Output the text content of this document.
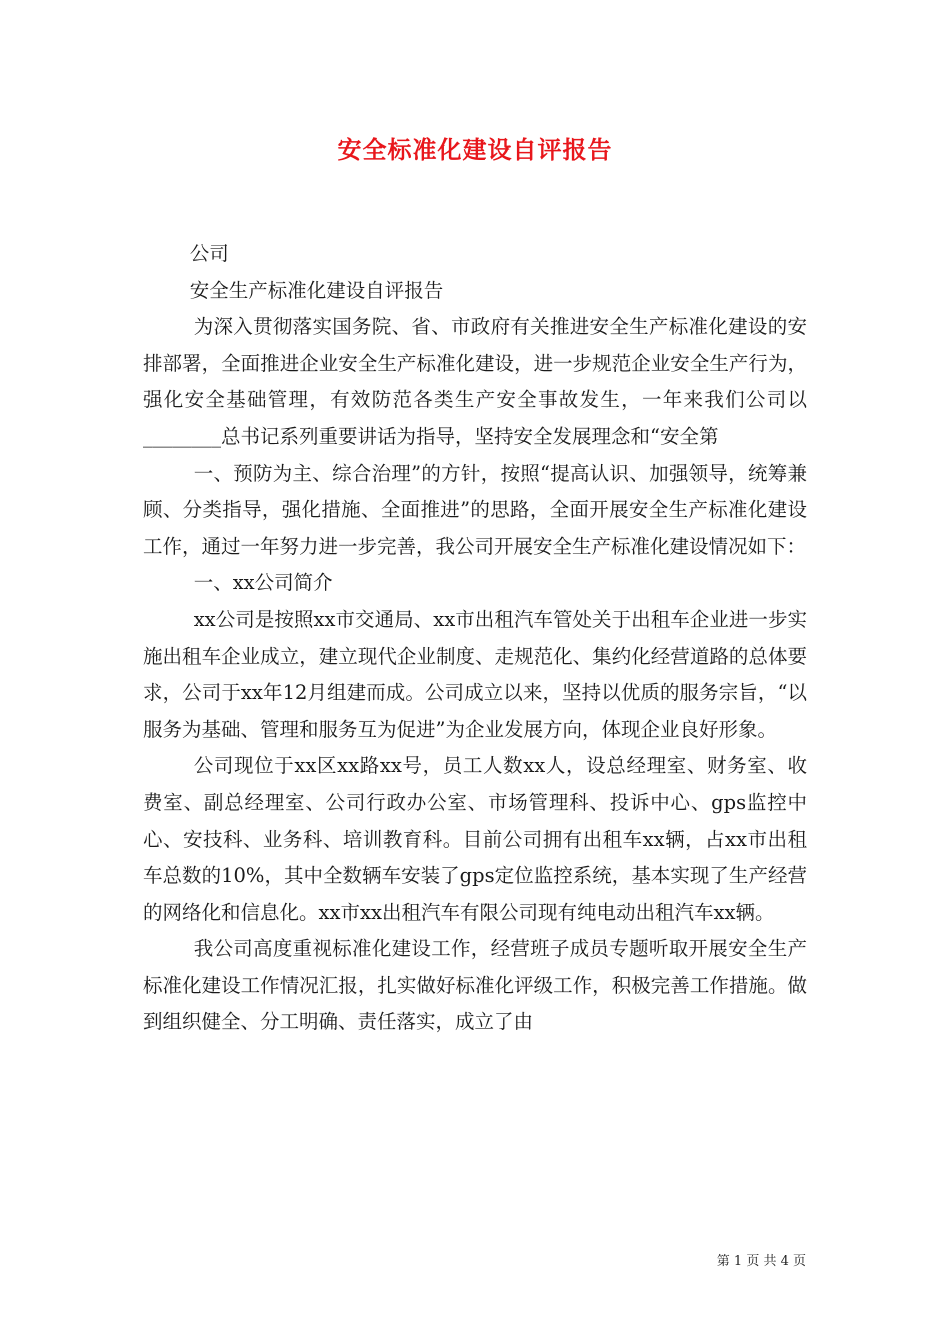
安全标准化建设自评报告

公司

安全生产标准化建设自评报告

为深入贯彻落实国务院、省、市政府有关推进安全生产标准化建设的安排部署，全面推进企业安全生产标准化建设，进一步规范企业安全生产行为，强化安全基础管理，有效防范各类生产安全事故发生，一年来我们公司以________总书记系列重要讲话为指导，坚持安全发展理念和“安全第

一、预防为主、综合治理”的方针，按照“提高认识、加强领导，统筹兼顾、分类指导，强化措施、全面推进”的思路，全面开展安全生产标准化建设工作，通过一年努力进一步完善，我公司开展安全生产标准化建设情况如下：

一、xx公司简介

xx公司是按照xx市交通局、xx市出租汽车管处关于出租车企业进一步实施出租车企业成立，建立现代企业制度、走规范化、集约化经营道路的总体要求，公司于xx年12月组建而成。公司成立以来，坚持以优质的服务宗旨，“以服务为基础、管理和服务互为促进”为企业发展方向，体现企业良好形象。

公司现位于xx区xx路xx号，员工人数xx人，设总经理室、财务室、收费室、副总经理室、公司行政办公室、市场管理科、投诉中心、gps监控中心、安技科、业务科、培训教育科。目前公司拥有出租车xx辆，占xx市出租车总数的10%，其中全数辆车安装了gps定位监控系统，基本实现了生产经营的网络化和信息化。xx市xx出租汽车有限公司现有纯电动出租汽车xx辆。

我公司高度重视标准化建设工作，经营班子成员专题听取开展安全生产标准化建设工作情况汇报，扎实做好标准化评级工作，积极完善工作措施。做到组织健全、分工明确、责任落实，成立了由

第 1 页 共 4 页
